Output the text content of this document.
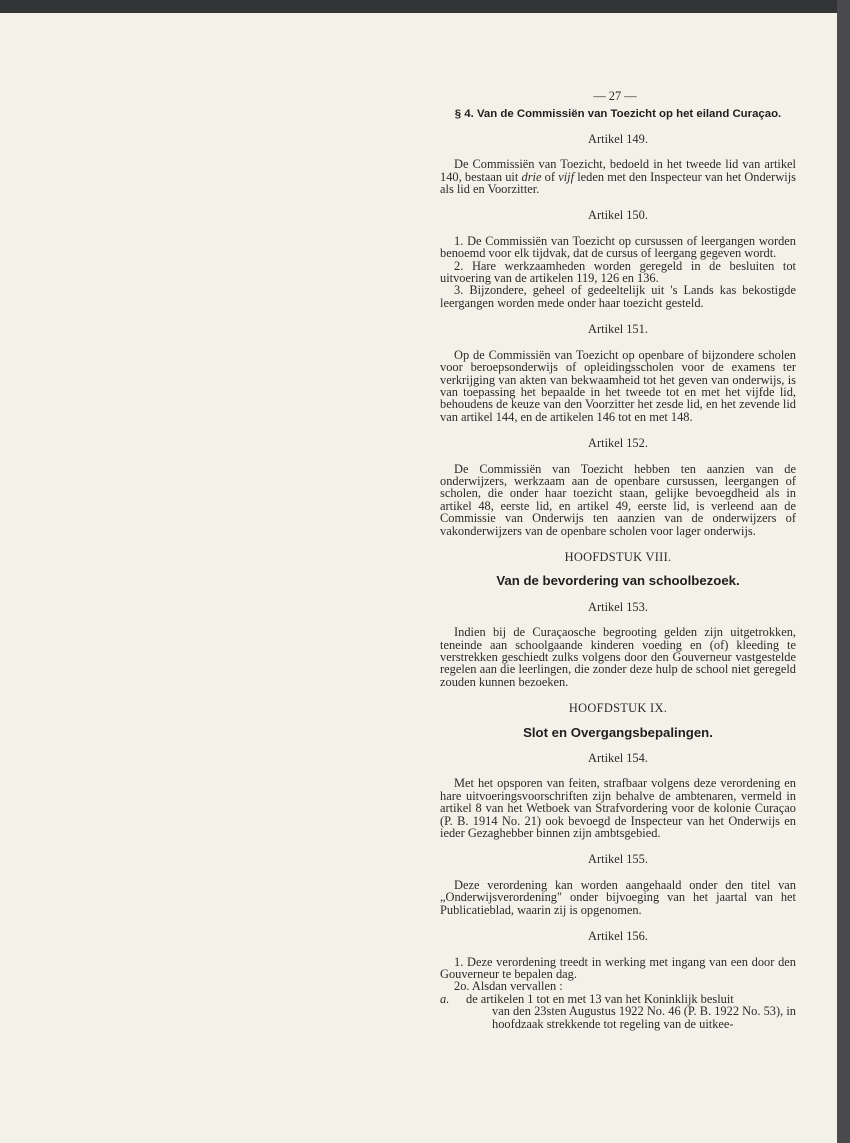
— 27 —
§ 4. Van de Commissiën van Toezicht op het eiland Curaçao.
Artikel 149.

De Commissiën van Toezicht, bedoeld in het tweede lid van artikel 140, bestaan uit drie of vijf leden met den Inspecteur van het Onderwijs als lid en Voorzitter.

Artikel 150.

1. De Commissiën van Toezicht op cursussen of leergangen worden benoemd voor elk tijdvak, dat de cursus of leergang gegeven wordt.

2. Hare werkzaamheden worden geregeld in de besluiten tot uitvoering van de artikelen 119, 126 en 136.

3. Bijzondere, geheel of gedeeltelijk uit 's Lands kas bekostigde leergangen worden mede onder haar toezicht gesteld.

Artikel 151.

Op de Commissiën van Toezicht op openbare of bijzondere scholen voor beroepsonderwijs of opleidingsscholen voor de examens ter verkrijging van akten van bekwaamheid tot het geven van onderwijs, is van toepassing het bepaalde in het tweede tot en met het vijfde lid, behoudens de keuze van den Voorzitter het zesde lid, en het zevende lid van artikel 144, en de artikelen 146 tot en met 148.

Artikel 152.

De Commissiën van Toezicht hebben ten aanzien van de onderwijzers, werkzaam aan de openbare cursussen, leergangen of scholen, die onder haar toezicht staan, gelijke bevoegdheid als in artikel 48, eerste lid, en artikel 49, eerste lid, is verleend aan de Commissie van Onderwijs ten aanzien van de onderwijzers of vakonderwijzers van de openbare scholen voor lager onderwijs.

HOOFDSTUK VIII.
Van de bevordering van schoolbezoek.
Artikel 153.

Indien bij de Curaçaosche begrooting gelden zijn uitgetrokken, teneinde aan schoolgaande kinderen voeding en (of) kleeding te verstrekken geschiedt zulks volgens door den Gouverneur vastgestelde regelen aan die leerlingen, die zonder deze hulp de school niet geregeld zouden kunnen bezoeken.

HOOFDSTUK IX.
Slot en Overgangsbepalingen.
Artikel 154.

Met het opsporen van feiten, strafbaar volgens deze verordening en hare uitvoeringsvoorschriften zijn behalve de ambtenaren, vermeld in artikel 8 van het Wetboek van Strafvordering voor de kolonie Curaçao (P. B. 1914 No. 21) ook bevoegd de Inspecteur van het Onderwijs en ieder Gezaghebber binnen zijn ambtsgebied.

Artikel 155.

Deze verordening kan worden aangehaald onder den titel van „Onderwijsverordening" onder bijvoeging van het jaartal van het Publicatieblad, waarin zij is opgenomen.

Artikel 156.

1. Deze verordening treedt in werking met ingang van een door den Gouverneur te bepalen dag.

2o. Alsdan vervallen :

a.	de artikelen 1 tot en met 13 van het Koninklijk besluit
van den 23sten Augustus 1922 No. 46 (P. B. 1922 No. 53), in hoofdzaak strekkende tot regeling van de uitkee-
